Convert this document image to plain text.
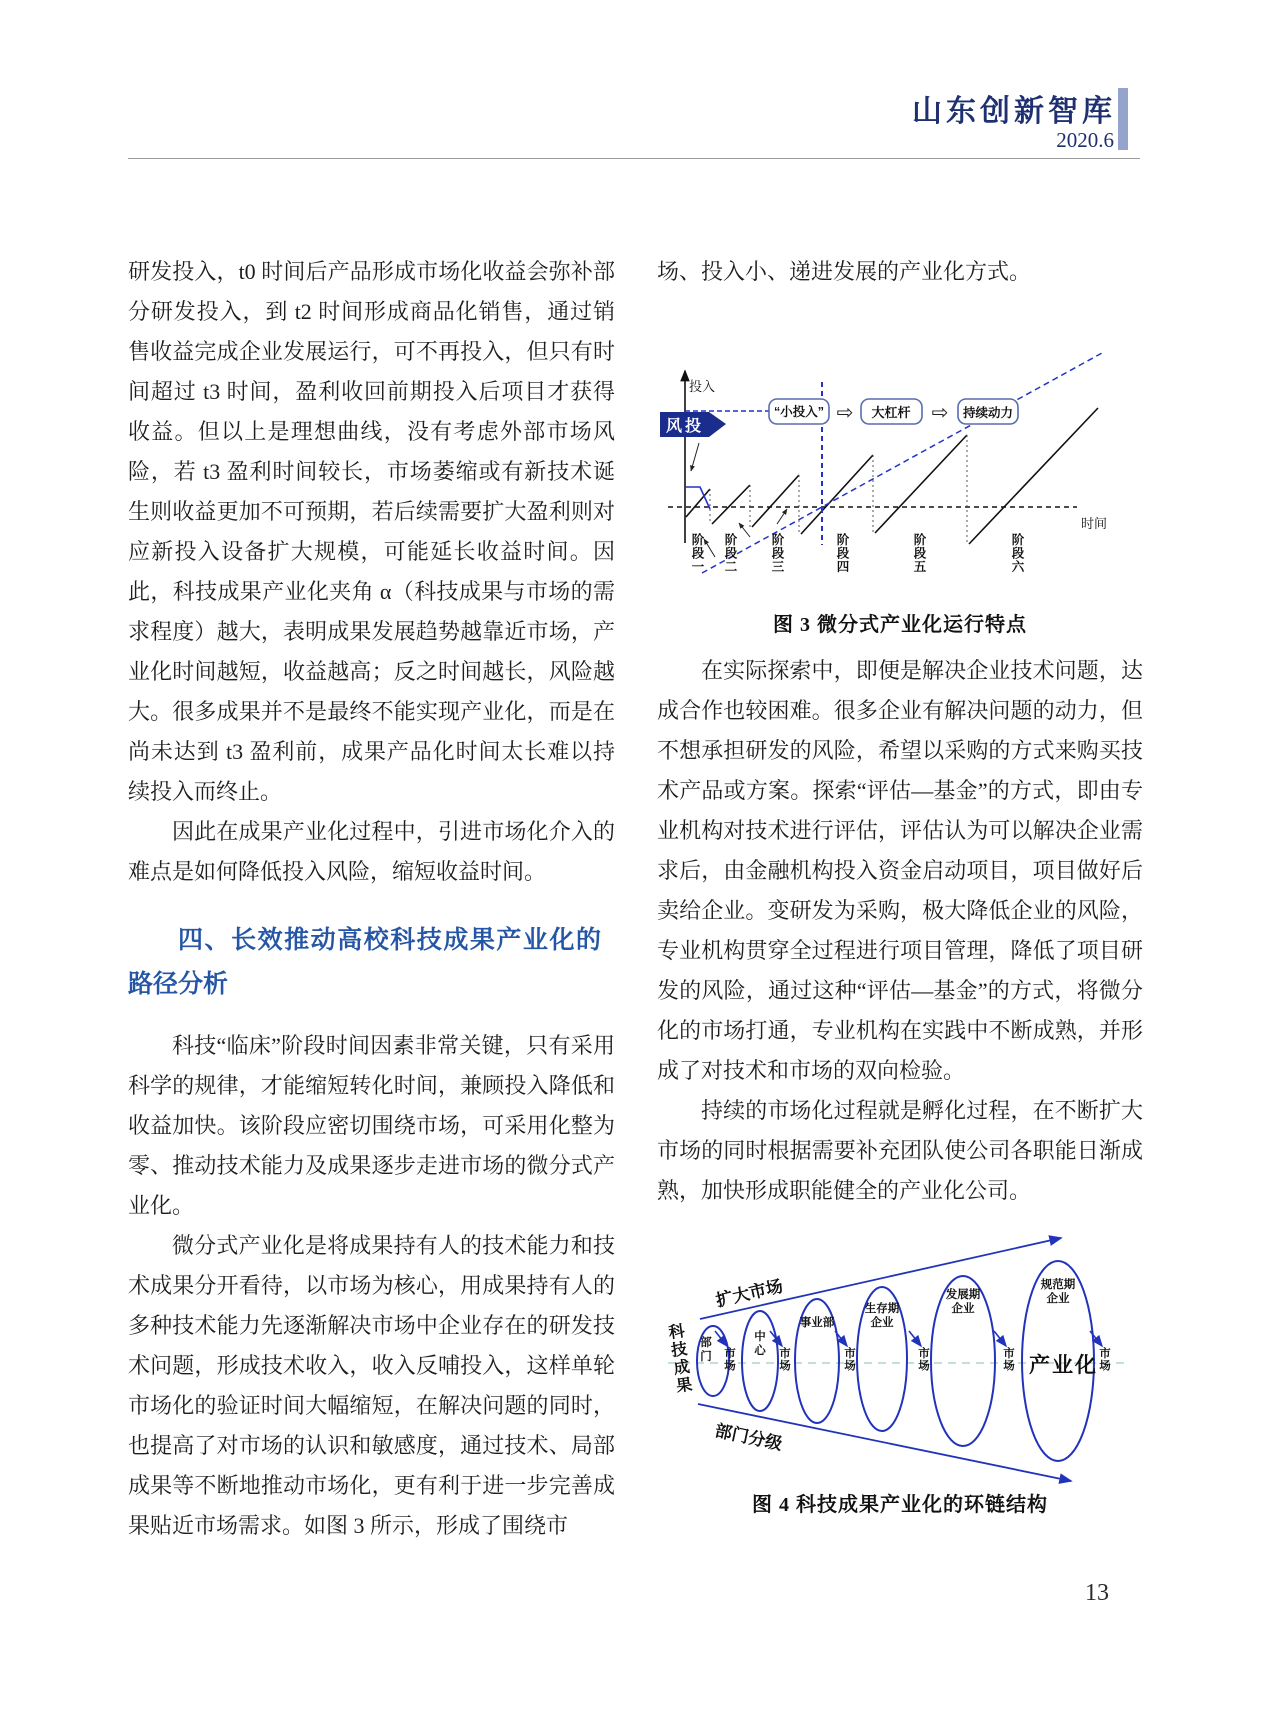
山东创新智库
2020.6

研发投入，t0 时间后产品形成市场化收益会弥补部分研发投入，到 t2 时间形成商品化销售，通过销售收益完成企业发展运行，可不再投入，但只有时间超过 t3 时间，盈利收回前期投入后项目才获得收益。但以上是理想曲线，没有考虑外部市场风险，若 t3 盈利时间较长，市场萎缩或有新技术诞生则收益更加不可预期，若后续需要扩大盈利则对应新投入设备扩大规模，可能延长收益时间。因此，科技成果产业化夹角 α（科技成果与市场的需求程度）越大，表明成果发展趋势越靠近市场，产业化时间越短，收益越高；反之时间越长，风险越大。很多成果并不是最终不能实现产业化，而是在尚未达到 t3 盈利前，成果产品化时间太长难以持续投入而终止。

因此在成果产业化过程中，引进市场化介入的难点是如何降低投入风险，缩短收益时间。

四、长效推动高校科技成果产业化的路径分析

科技“临床”阶段时间因素非常关键，只有采用科学的规律，才能缩短转化时间，兼顾投入降低和收益加快。该阶段应密切围绕市场，可采用化整为零、推动技术能力及成果逐步走进市场的微分式产业化。

微分式产业化是将成果持有人的技术能力和技术成果分开看待，以市场为核心，用成果持有人的多种技术能力先逐渐解决市场中企业存在的研发技术问题，形成技术收入，收入反哺投入，这样单轮市场化的验证时间大幅缩短，在解决问题的同时，也提高了对市场的认识和敏感度，通过技术、局部成果等不断地推动市场化，更有利于进一步完善成果贴近市场需求。如图 3 所示，形成了围绕市

场、投入小、递进发展的产业化方式。

投入
时间
风投
“小投入”	大杠杆	持续动力
⇨	⇨
阶段一 阶段二	阶段三	阶段四	阶段五	阶段六
图 3 微分式产业化运行特点

在实际探索中，即便是解决企业技术问题，达成合作也较困难。很多企业有解决问题的动力，但不想承担研发的风险，希望以采购的方式来购买技术产品或方案。探索“评估—基金”的方式，即由专业机构对技术进行评估，评估认为可以解决企业需求后，由金融机构投入资金启动项目，项目做好后卖给企业。变研发为采购，极大降低企业的风险，专业机构贯穿全过程进行项目管理，降低了项目研发的风险，通过这种“评估—基金”的方式，将微分化的市场打通，专业机构在实践中不断成熟，并形成了对技术和市场的双向检验。

持续的市场化过程就是孵化过程，在不断扩大市场的同时根据需要补充团队使公司各职能日渐成熟，加快形成职能健全的产业化公司。

扩大市场
部门分级
科技成果 部门
中心
事业部
生存期企业
发展期企业
规范期企业
市场	市场	市场	市场	市场	市场
产业化
图 4 科技成果产业化的环链结构
13
